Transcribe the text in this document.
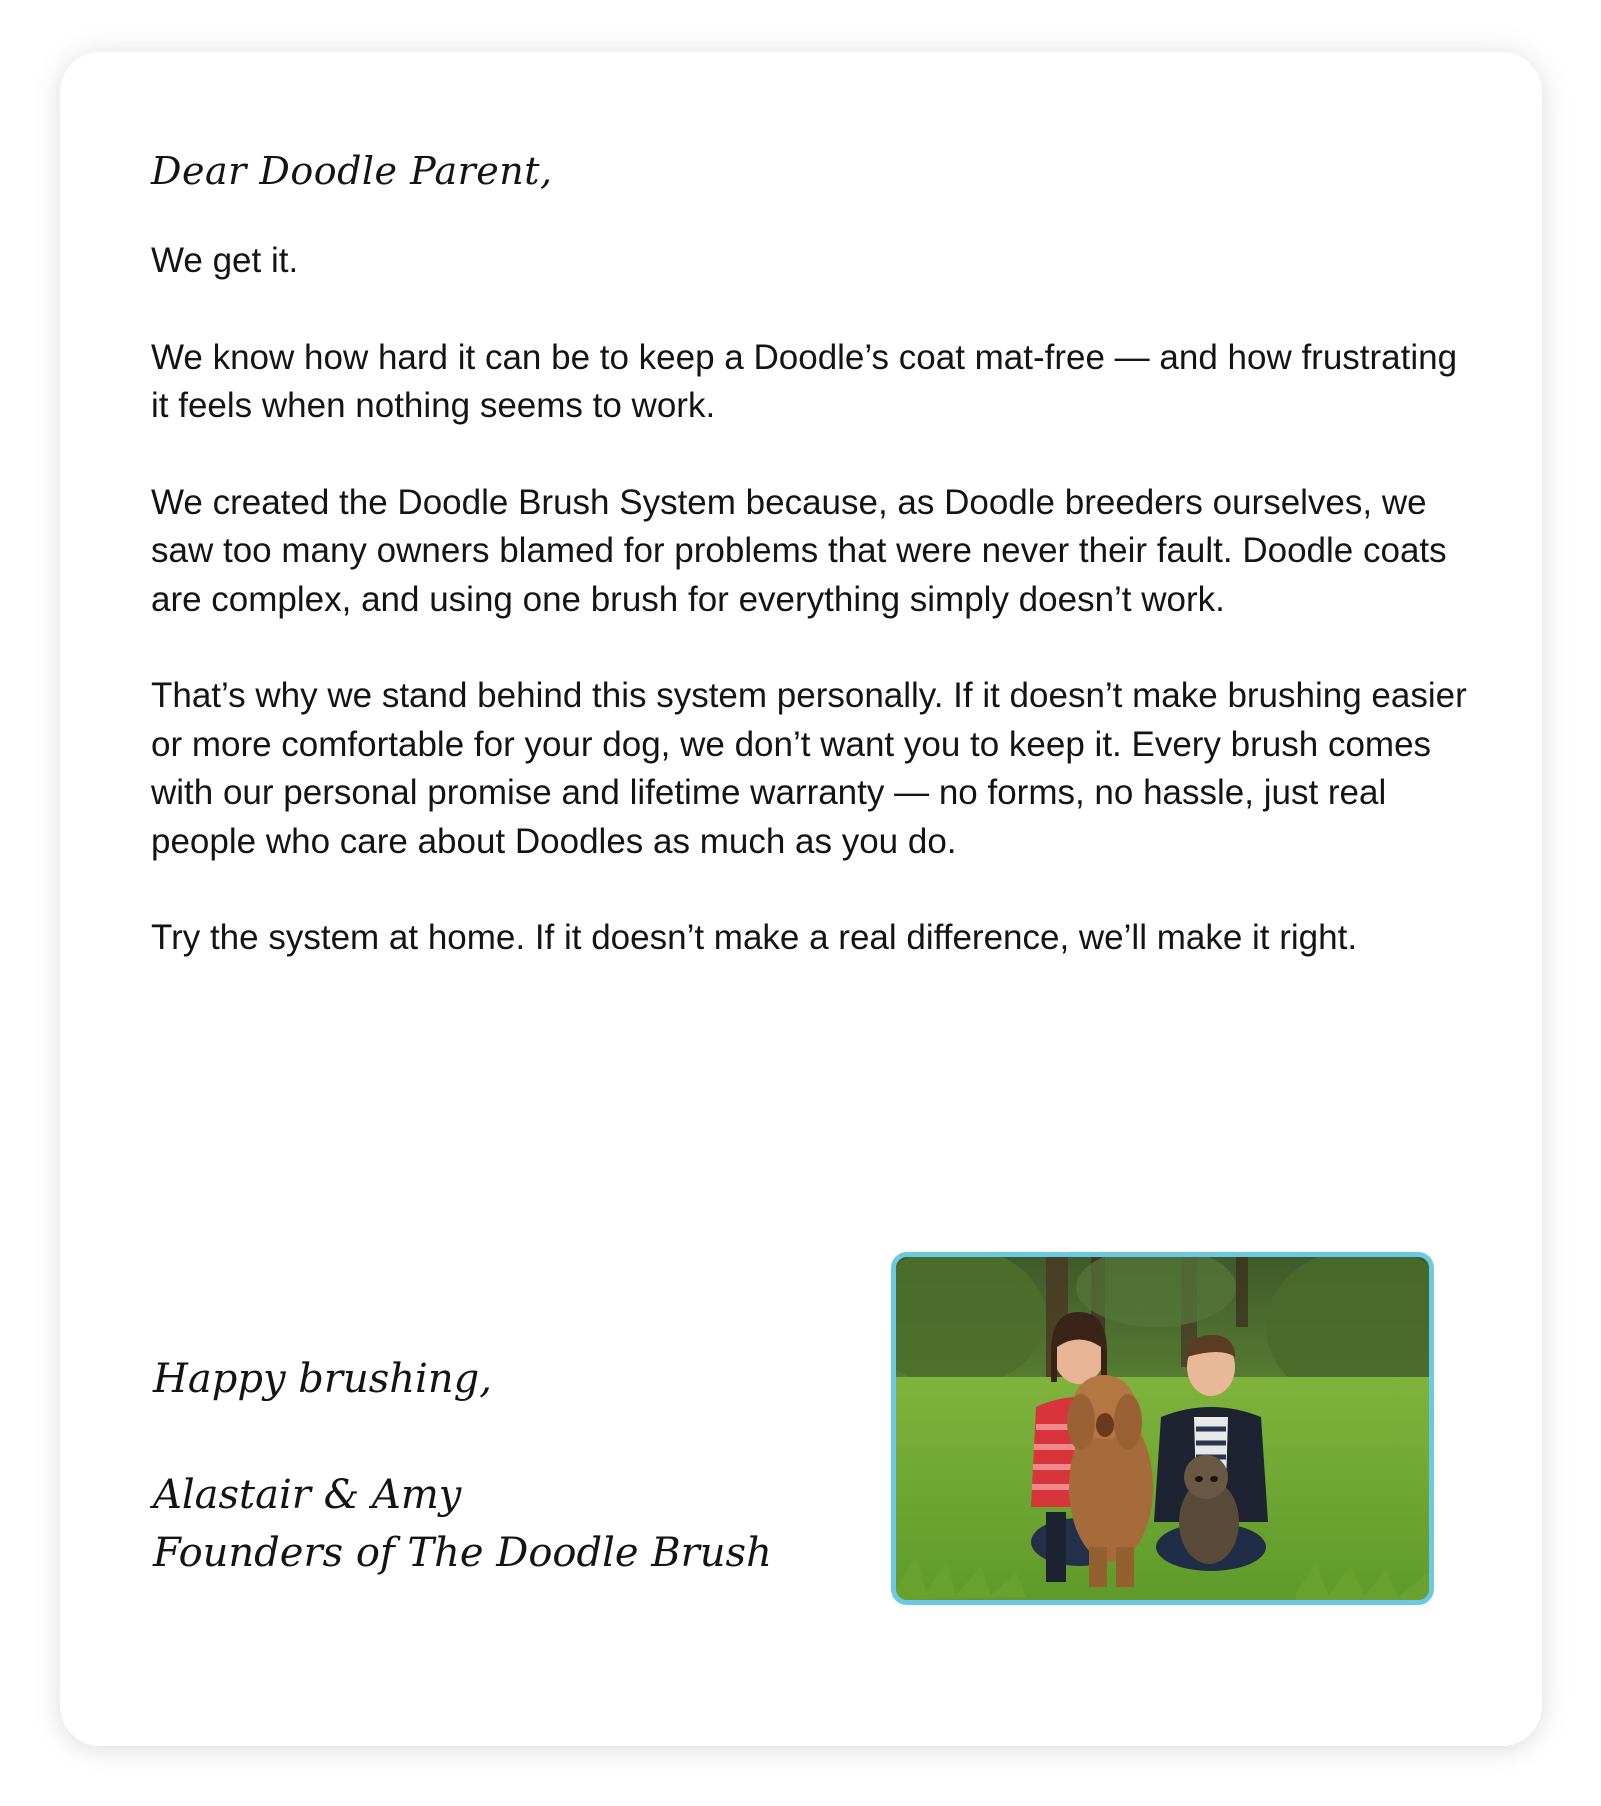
Dear Doodle Parent,

We get it.

We know how hard it can be to keep a Doodle’s coat mat-free — and how frustrating it feels when nothing seems to work.

We created the Doodle Brush System because, as Doodle breeders ourselves, we saw too many owners blamed for problems that were never their fault. Doodle coats are complex, and using one brush for everything simply doesn’t work.

That’s why we stand behind this system personally. If it doesn’t make brushing easier or more comfortable for your dog, we don’t want you to keep it. Every brush comes with our personal promise and lifetime warranty — no forms, no hassle, just real people who care about Doodles as much as you do.

Try the system at home. If it doesn’t make a real difference, we’ll make it right.

Happy brushing,
Alastair & Amy
Founders of The Doodle Brush
